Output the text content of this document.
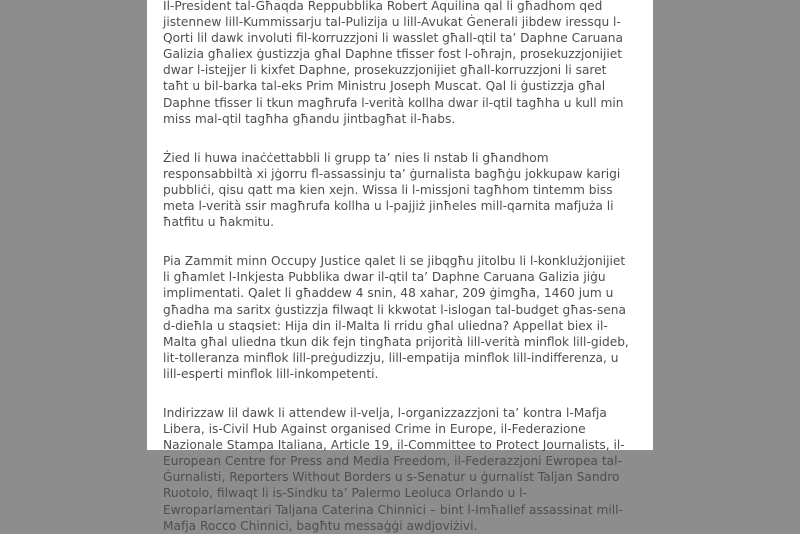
Il-President tal-Għaqda Reppubblika Robert Aquilina qal li għadhom qed jistennew lill-Kummissarju tal-Pulizija u lill-Avukat Ġenerali jibdew iressqu l-Qorti lil dawk involuti fil-korruzzjoni li wasslet għall-qtil ta’ Daphne Caruana Galizia għaliex ġustizzja għal Daphne tfisser fost l-oħrajn, prosekuzzjonijiet dwar l-istejjer li kixfet Daphne, prosekuzzjonijiet għall-korruzzjoni li saret taħt u bil-barka tal-eks Prim Ministru Joseph Muscat. Qal li ġustizzja għal Daphne tfisser li tkun magħrufa l-verità kollha dwar il-qtil tagħha u kull min miss mal-qtil tagħha għandu jintbagħat il-ħabs.

Żied li huwa inaċċettabbli li grupp ta’ nies li nstab li għandhom responsabbiltà xi jġorru fl-assassinju ta’ ġurnalista bagħġu jokkupaw karigi pubbliċi, qisu qatt ma kien xejn. Wissa li l-missjoni tagħhom tintemm biss meta l-verità ssir magħrufa kollha u l-pajjiż jinħeles mill-qarnita mafjuża li ħatfitu u ħakmitu.

Pia Zammit minn Occupy Justice qalet li se jibqgħu jitolbu li l-konklużjonijiet li għamlet l-Inkjesta Pubblika dwar il-qtil ta’ Daphne Caruana Galizia jiġu implimentati. Qalet li għaddew 4 snin, 48 xahar, 209 ġimgħa, 1460 jum u għadha ma saritx ġustizzja filwaqt li kkwotat l-islogan tal-budget għas-sena d-dieħla u staqsiet: Hija din il-Malta li rridu għal uliedna? Appellat biex il-Malta għal uliedna tkun dik fejn tingħata prijorità lill-verità minflok lill-gideb, lit-tolleranza minflok lill-preġudizzju, lill-empatija minflok lill-indifferenza, u lill-esperti minflok lill-inkompetenti.

Indirizzaw lil dawk li attendew il-velja, l-organizzazzjoni ta’ kontra l-Mafja Libera, is-Civil Hub Against organised Crime in Europe, il-Federazione Nazionale Stampa Italiana, Article 19, il-Committee to Protect Journalists, il-European Centre for Press and Media Freedom, il-Federazzjoni Ewropea tal-Ġurnalisti, Reporters Without Borders u s-Senatur u ġurnalist Taljan Sandro Ruotolo, filwaqt li is-Sindku ta’ Palermo Leoluca Orlando u l-Ewroparlamentari Taljana Caterina Chinnici – bint l-Imħallef assassinat mill-Mafja Rocco Chinnici, bagħtu messaġġi awdjoviżivi.
